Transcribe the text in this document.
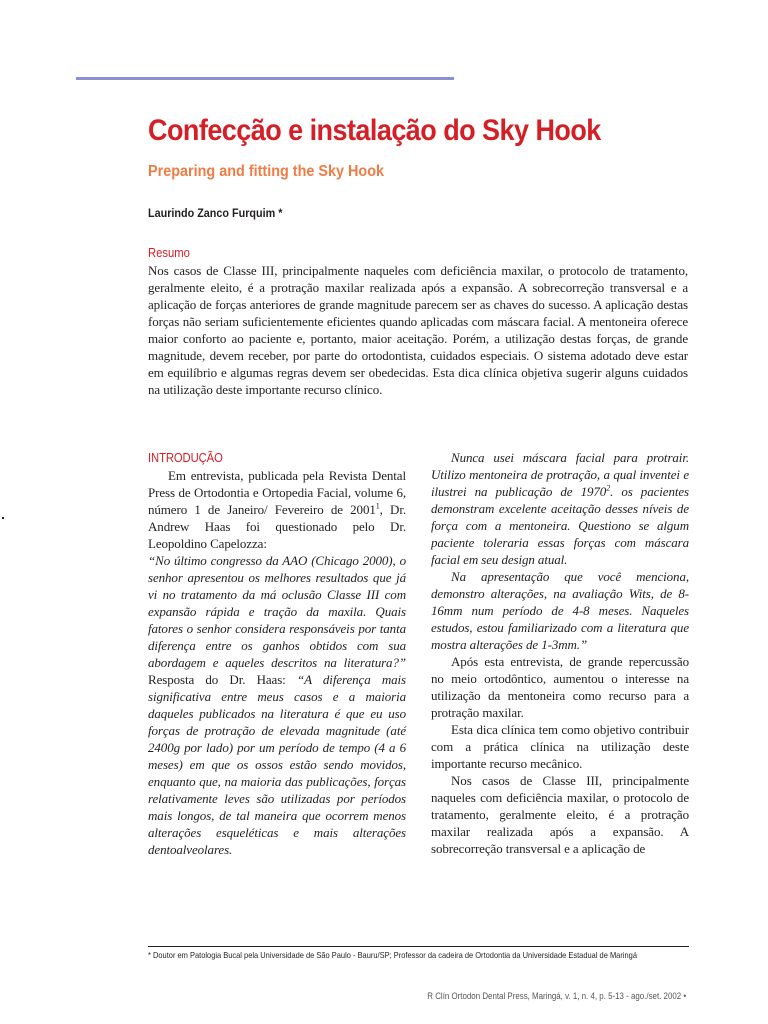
Confecção e instalação do Sky Hook
Preparing and fitting the Sky Hook

Laurindo Zanco Furquim *

Resumo

Nos casos de Classe III, principalmente naqueles com deficiência maxilar, o protocolo de tratamento, geralmente eleito, é a protração maxilar realizada após a expansão. A sobrecorreção transversal e a aplicação de forças anteriores de grande magnitude parecem ser as chaves do sucesso. A aplicação destas forças não seriam suficientemente eficientes quando aplicadas com máscara facial. A mentoneira oferece maior conforto ao paciente e, portanto, maior aceitação. Porém, a utilização destas forças, de grande magnitude, devem receber, por parte do ortodontista, cuidados especiais. O sistema adotado deve estar em equilíbrio e algumas regras devem ser obedecidas. Esta dica clínica objetiva sugerir alguns cuidados na utilização deste importante recurso clínico.

INTRODUÇÃO

Em entrevista, publicada pela Revista Dental Press de Ortodontia e Ortopedia Facial, volume 6, número 1 de Janeiro/ Fevereiro de 2001$^1$, Dr. Andrew Haas foi questionado pelo Dr. Leopoldino Capelozza:

“No último congresso da AAO (Chicago 2000), o senhor apresentou os melhores resultados que já vi no tratamento da má oclusão Classe III com expansão rápida e tração da maxila. Quais fatores o senhor considera responsáveis por tanta diferença entre os ganhos obtidos com sua abordagem e aqueles descritos na literatura?” Resposta do Dr. Haas: “A diferença mais significativa entre meus casos e a maioria daqueles publicados na literatura é que eu uso forças de protração de elevada magnitude (até 2400g por lado) por um período de tempo (4 a 6 meses) em que os ossos estão sendo movidos, enquanto que, na maioria das publicações, forças relativamente leves são utilizadas por períodos mais longos, de tal maneira que ocorrem menos alterações esqueléticas e mais alterações dentoalveolares.

Nunca usei máscara facial para protrair. Utilizo mentoneira de protração, a qual inventei e ilustrei na publicação de 1970$^2$. os pacientes demonstram excelente aceitação desses níveis de força com a mentoneira. Questiono se algum paciente toleraria essas forças com máscara facial em seu design atual.

Na apresentação que você menciona, demonstro alterações, na avaliação Wits, de 8-16mm num período de 4-8 meses. Naqueles estudos, estou familiarizado com a literatura que mostra alterações de 1-3mm.”

Após esta entrevista, de grande repercussão no meio ortodôntico, aumentou o interesse na utilização da mentoneira como recurso para a protração maxilar.

Esta dica clínica tem como objetivo contribuir com a prática clínica na utilização deste importante recurso mecânico.

Nos casos de Classe III, principalmente naqueles com deficiência maxilar, o protocolo de tratamento, geralmente eleito, é a protração maxilar realizada após a expansão. A sobrecorreção transversal e a aplicação de

* Doutor em Patologia Bucal pela Universidade de São Paulo - Bauru/SP; Professor da cadeira de Ortodontia da Universidade Estadual de Maringá

R Clín Ortodon Dental Press, Maringá, v. 1, n. 4, p. 5-13 - ago./set. 2002 •
